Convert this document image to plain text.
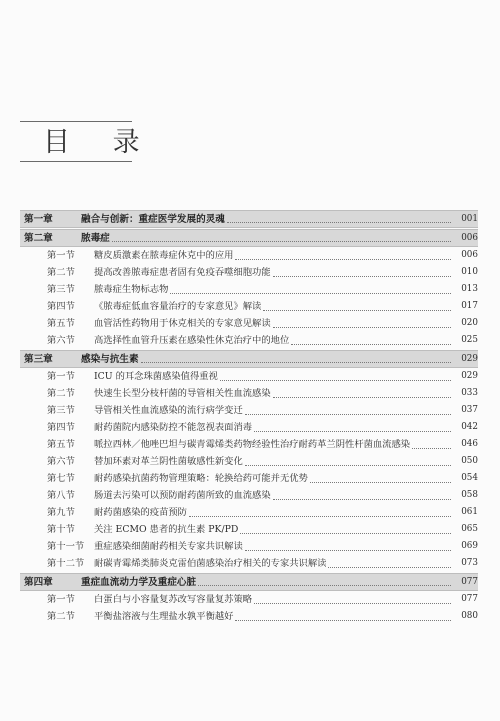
目 录
第一章	融合与创新：重症医学发展的灵魂	001
第二章	脓毒症	006
第一节	糖皮质激素在脓毒症休克中的应用	006
第二节	提高改善脓毒症患者固有免疫吞噬细胞功能	010
第三节	脓毒症生物标志物	013
第四节	《脓毒症低血容量治疗的专家意见》解读	017
第五节	血管活性药物用于休克相关的专家意见解读	020
第六节	高选择性血管升压素在感染性休克治疗中的地位	025
第三章	感染与抗生素	029
第一节	ICU 的耳念珠菌感染值得重视	029
第二节	快速生长型分枝杆菌的导管相关性血流感染	033
第三节	导管相关性血流感染的流行病学变迁	037
第四节	耐药菌院内感染防控不能忽视表面消毒	042
第五节	哌拉西林／他唑巴坦与碳青霉烯类药物经验性治疗耐药革兰阴性杆菌血流感染	046
第六节	替加环素对革兰阴性菌敏感性新变化	050
第七节	耐药感染抗菌药物管理策略：轮换给药可能并无优势	054
第八节	肠道去污染可以预防耐药菌所致的血流感染	058
第九节	耐药菌感染的疫苗预防	061
第十节	关注 ECMO 患者的抗生素 PK/PD	065
第十一节	重症感染细菌耐药相关专家共识解读	069
第十二节	耐碳青霉烯类肺炎克雷伯菌感染治疗相关的专家共识解读	073
第四章	重症血流动力学及重症心脏	077
第一节	白蛋白与小容量复苏改写容量复苏策略	077
第二节	平衡盐溶液与生理盐水孰平衡越好	080
